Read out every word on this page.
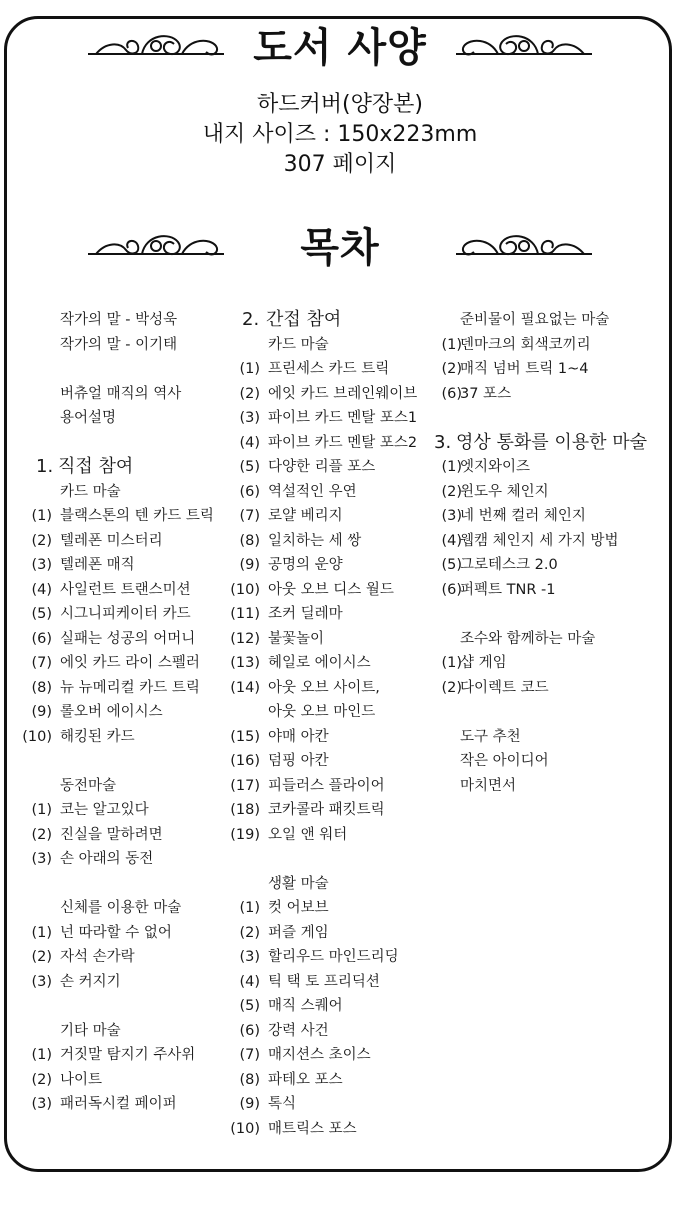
도서 사양
하드커버(양장본)
내지 사이즈 : 150x223mm
307 페이지
목차
작가의 말 - 박성욱
작가의 말 - 이기태
버츄얼 매직의 역사
용어설명
1. 직접 참여
카드 마술
(1) 블랙스톤의 텐 카드 트릭
(2) 텔레폰 미스터리
(3) 텔레폰 매직
(4) 사일런트 트랜스미션
(5) 시그니피케이터 카드
(6) 실패는 성공의 어머니
(7) 에잇 카드 라이 스펠러
(8) 뉴 뉴메리컬 카드 트릭
(9) 롤오버 에이시스
(10) 해킹된 카드
동전마술
(1) 코는 알고있다
(2) 진실을 말하려면
(3) 손 아래의 동전
신체를 이용한 마술
(1) 넌 따라할 수 없어
(2) 자석 손가락
(3) 손 커지기
기타 마술
(1) 거짓말 탐지기 주사위
(2) 나이트
(3) 패러독시컬 페이퍼
2. 간접 참여
카드 마술
(1) 프린세스 카드 트릭
(2) 에잇 카드 브레인웨이브
(3) 파이브 카드 멘탈 포스1
(4) 파이브 카드 멘탈 포스2
(5) 다양한 리플 포스
(6) 역설적인 우연
(7) 로얄 베리지
(8) 일치하는 세 쌍
(9) 공명의 운양
(10) 아웃 오브 디스 월드
(11) 조커 딜레마
(12) 불꽃놀이
(13) 헤일로 에이시스
(14) 아웃 오브 사이트,
아웃 오브 마인드
(15) 야매 아칸
(16) 덤핑 아칸
(17) 피들러스 플라이어
(18) 코카콜라 패킷트릭
(19) 오일 앤 워터
생활 마술
(1) 컷 어보브
(2) 퍼즐 게임
(3) 할리우드 마인드리딩
(4) 틱 택 토 프리딕션
(5) 매직 스퀘어
(6) 강력 사건
(7) 매지션스 초이스
(8) 파테오 포스
(9) 톡식
(10) 매트릭스 포스
준비물이 필요없는 마술
(1)
덴마크의 회색코끼리
(2)
매직 넘버 트릭 1~4
(6)
37 포스
3. 영상 통화를 이용한 마술
(1)
엣지와이즈
(2)
윈도우 체인지
(3)
네 번째 컬러 체인지
(4)
웹캠 체인지 세 가지 방법
(5)
그로테스크 2.0
(6)
퍼펙트 TNR -1
조수와 함께하는 마술
(1)
샵 게임
(2)
다이렉트 코드
도구 추천
작은 아이디어
마치면서
